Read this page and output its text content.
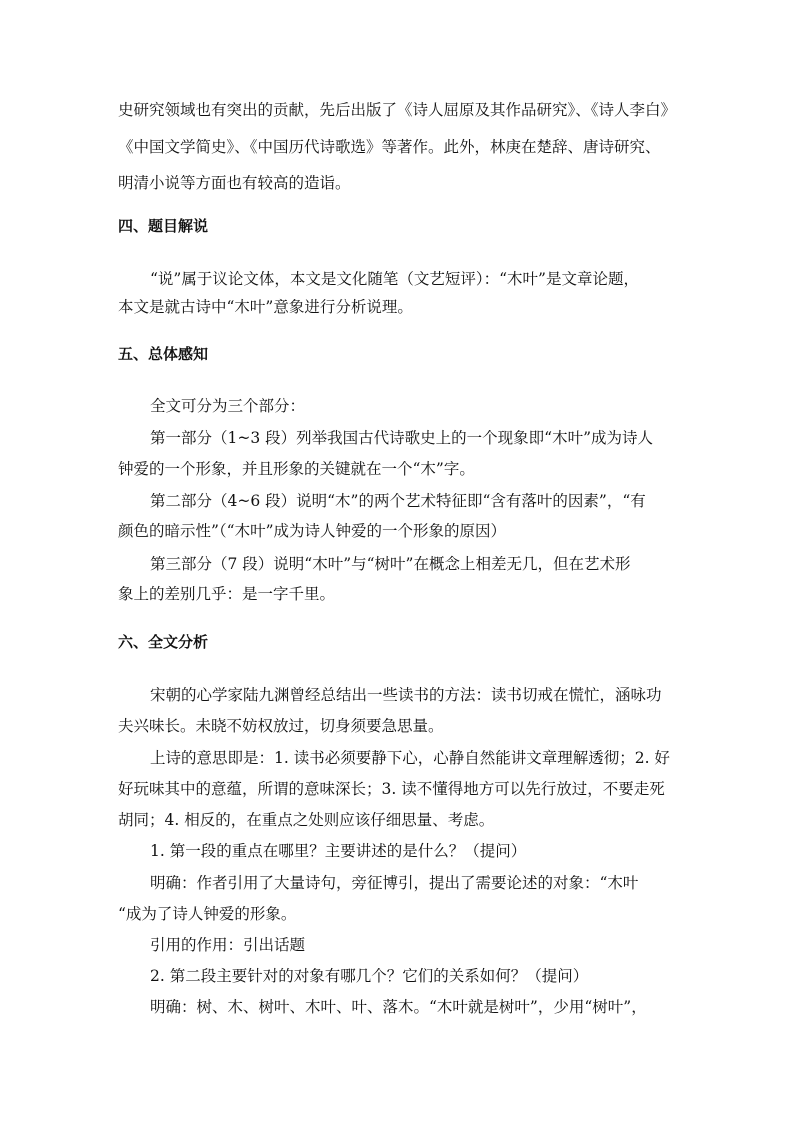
史研究领域也有突出的贡献，先后出版了《诗人屈原及其作品研究》、《诗人李白》
《中国文学简史》、《中国历代诗歌选》等著作。此外，林庚在楚辞、唐诗研究、
明清小说等方面也有较高的造诣。
四、题目解说
“说”属于议论文体，本文是文化随笔（文艺短评）：“木叶”是文章论题，
本文是就古诗中“木叶”意象进行分析说理。
五、总体感知
全文可分为三个部分：
第一部分（1~3 段）列举我国古代诗歌史上的一个现象即“木叶”成为诗人
钟爱的一个形象，并且形象的关键就在一个“木”字。
第二部分（4~6 段）说明“木”的两个艺术特征即“含有落叶的因素”，“有
颜色的暗示性”（“木叶”成为诗人钟爱的一个形象的原因）
第三部分（7 段）说明“木叶”与“树叶”在概念上相差无几，但在艺术形
象上的差别几乎：是一字千里。
六、全文分析
宋朝的心学家陆九渊曾经总结出一些读书的方法：读书切戒在慌忙，涵咏功
夫兴味长。未晓不妨权放过，切身须要急思量。
上诗的意思即是：1. 读书必须要静下心，心静自然能讲文章理解透彻；2. 好
好玩味其中的意蕴，所谓的意味深长；3. 读不懂得地方可以先行放过，不要走死
胡同；4. 相反的，在重点之处则应该仔细思量、考虑。
1. 第一段的重点在哪里？主要讲述的是什么？（提问）
明确：作者引用了大量诗句，旁征博引，提出了需要论述的对象：“木叶
“成为了诗人钟爱的形象。
引用的作用：引出话题
2. 第二段主要针对的对象有哪几个？它们的关系如何？（提问）
明确：树、木、树叶、木叶、叶、落木。“木叶就是树叶”，少用“树叶”，
